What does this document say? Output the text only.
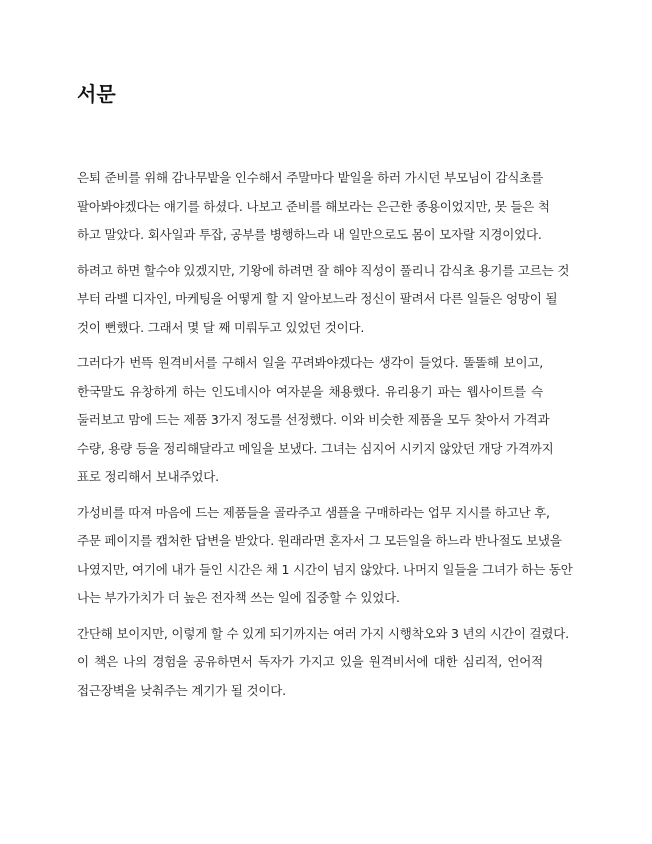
서문

은퇴 준비를 위해 감나무밭을 인수해서 주말마다 밭일을 하러 가시던 부모님이 감식초를
팔아봐야겠다는 얘기를 하셨다. 나보고 준비를 해보라는 은근한 종용이었지만, 못 들은 척
하고 말았다. 회사일과 투잡, 공부를 병행하느라 내 일만으로도 몸이 모자랄 지경이었다.

하려고 하면 할수야 있겠지만, 기왕에 하려면 잘 해야 직성이 풀리니 감식초 용기를 고르는 것
부터 라벨 디자인, 마케팅을 어떻게 할 지 알아보느라 정신이 팔려서 다른 일들은 엉망이 될
것이 뻔했다. 그래서 몇 달 째 미뤄두고 있었던 것이다.

그러다가 번뜩 원격비서를 구해서 일을 꾸려봐야겠다는 생각이 들었다. 똘똘해 보이고,
한국말도 유창하게 하는 인도네시아 여자분을 채용했다. 유리용기 파는 웹사이트를 슥
둘러보고 맘에 드는 제품 3가지 정도를 선정했다. 이와 비슷한 제품을 모두 찾아서 가격과
수량, 용량 등을 정리해달라고 메일을 보냈다. 그녀는 심지어 시키지 않았던 개당 가격까지
표로 정리해서 보내주었다.

가성비를 따져 마음에 드는 제품들을 골라주고 샘플을 구매하라는 업무 지시를 하고난 후,
주문 페이지를 캡처한 답변을 받았다. 원래라면 혼자서 그 모든일을 하느라 반나절도 보냈을
나였지만, 여기에 내가 들인 시간은 채 1 시간이 넘지 않았다. 나머지 일들을 그녀가 하는 동안
나는 부가가치가 더 높은 전자책 쓰는 일에 집중할 수 있었다.

간단해 보이지만, 이렇게 할 수 있게 되기까지는 여러 가지 시행착오와 3 년의 시간이 걸렸다.
이 책은 나의 경험을 공유하면서 독자가 가지고 있을 원격비서에 대한 심리적, 언어적
접근장벽을 낮춰주는 계기가 될 것이다.
